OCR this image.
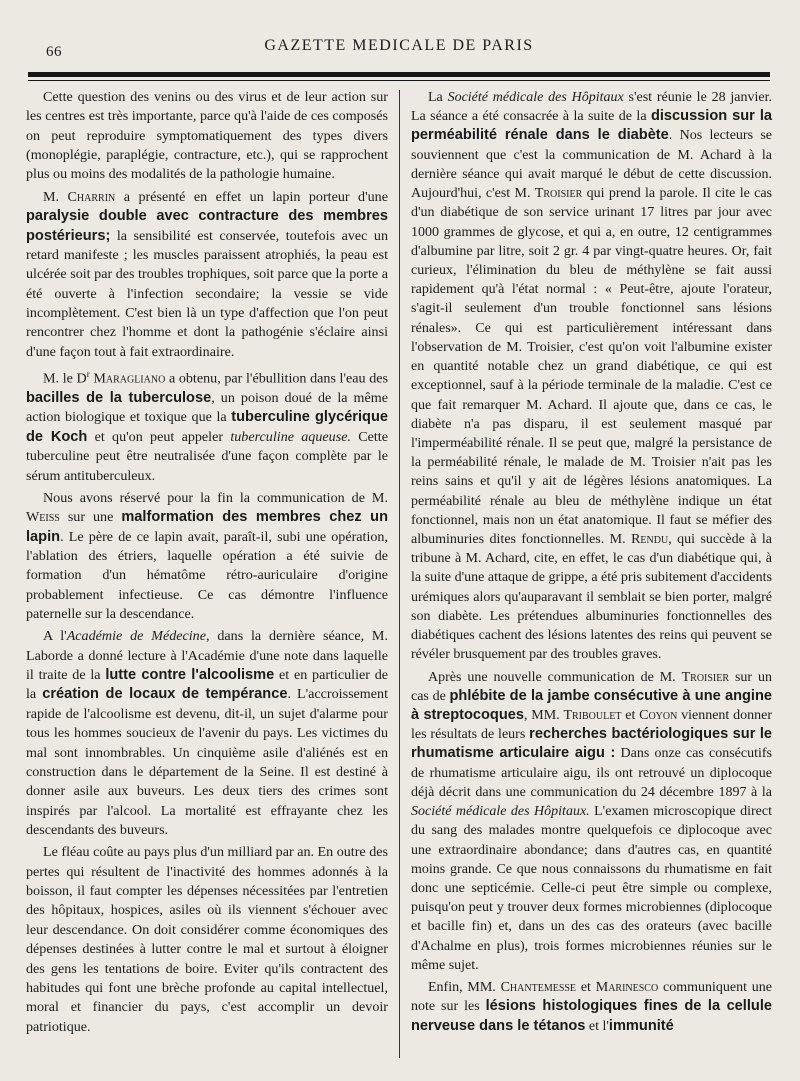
66	GAZETTE MEDICALE DE PARIS

Cette question des venins ou des virus et de leur action sur les centres est très importante, parce qu'à l'aide de ces composés on peut reproduire symptomatiquement des types divers (monoplégie, paraplégie, contracture, etc.), qui se rapprochent plus ou moins des modalités de la pathologie humaine.

M. Charrin a présenté en effet un lapin porteur d'une paralysie double avec contracture des membres postérieurs; la sensibilité est conservée, toutefois avec un retard manifeste ; les muscles paraissent atrophiés, la peau est ulcérée soit par des troubles trophiques, soit parce que la porte a été ouverte à l'infection secondaire; la vessie se vide incomplètement. C'est bien là un type d'affection que l'on peut rencontrer chez l'homme et dont la pathogénie s'éclaire ainsi d'une façon tout à fait extraordinaire.

M. le $D^r$ Maragliano a obtenu, par l'ébullition dans l'eau des bacilles de la tuberculose, un poison doué de la même action biologique et toxique que la tuberculine glycérique de Koch et qu'on peut appeler tuberculine aqueuse. Cette tuberculine peut être neutralisée d'une façon complète par le sérum antituberculeux.

Nous avons réservé pour la fin la communication de M. Weiss sur une malformation des membres chez un lapin. Le père de ce lapin avait, paraît-il, subi une opération, l'ablation des étriers, laquelle opération a été suivie de formation d'un hématôme rétro-auriculaire d'origine probablement infectieuse. Ce cas démontre l'influence paternelle sur la descendance.

A l'Académie de Médecine, dans la dernière séance, M. Laborde a donné lecture à l'Académie d'une note dans laquelle il traite de la lutte contre l'alcoolisme et en particulier de la création de locaux de tempérance. L'accroissement rapide de l'alcoolisme est devenu, dit-il, un sujet d'alarme pour tous les hommes soucieux de l'avenir du pays. Les victimes du mal sont innombrables. Un cinquième asile d'aliénés est en construction dans le département de la Seine. Il est destiné à donner asile aux buveurs. Les deux tiers des crimes sont inspirés par l'alcool. La mortalité est effrayante chez les descendants des buveurs.

Le fléau coûte au pays plus d'un milliard par an. En outre des pertes qui résultent de l'inactivité des hommes adonnés à la boisson, il faut compter les dépenses nécessitées par l'entretien des hôpitaux, hospices, asiles où ils viennent s'échouer avec leur descendance. On doit considérer comme économiques des dépenses destinées à lutter contre le mal et surtout à éloigner des gens les tentations de boire. Eviter qu'ils contractent des habitudes qui font une brèche profonde au capital intellectuel, moral et financier du pays, c'est accomplir un devoir patriotique.

La Société médicale des Hôpitaux s'est réunie le 28 janvier. La séance a été consacrée à la suite de la discussion sur la perméabilité rénale dans le diabète. Nos lecteurs se souviennent que c'est la communication de M. Achard à la dernière séance qui avait marqué le début de cette discussion. Aujourd'hui, c'est M. Troisier qui prend la parole. Il cite le cas d'un diabétique de son service urinant 17 litres par jour avec 1000 grammes de glycose, et qui a, en outre, 12 centigrammes d'albumine par litre, soit 2 gr. 4 par vingt-quatre heures. Or, fait curieux, l'élimination du bleu de méthylène se fait aussi rapidement qu'à l'état normal : « Peut-être, ajoute l'orateur, s'agit-il seulement d'un trouble fonctionnel sans lésions rénales». Ce qui est particulièrement intéressant dans l'observation de M. Troisier, c'est qu'on voit l'albumine exister en quantité notable chez un grand diabétique, ce qui est exceptionnel, sauf à la période terminale de la maladie. C'est ce que fait remarquer M. Achard. Il ajoute que, dans ce cas, le diabète n'a pas disparu, il est seulement masqué par l'imperméabilité rénale. Il se peut que, malgré la persistance de la perméabilité rénale, le malade de M. Troisier n'ait pas les reins sains et qu'il y ait de légères lésions anatomiques. La perméabilité rénale au bleu de méthylène indique un état fonctionnel, mais non un état anatomique. Il faut se méfier des albuminuries dites fonctionnelles. M. Rendu, qui succède à la tribune à M. Achard, cite, en effet, le cas d'un diabétique qui, à la suite d'une attaque de grippe, a été pris subitement d'accidents urémiques alors qu'auparavant il semblait se bien porter, malgré son diabète. Les prétendues albuminuries fonctionnelles des diabétiques cachent des lésions latentes des reins qui peuvent se révéler brusquement par des troubles graves.

Après une nouvelle communication de M. Troisier sur un cas de phlébite de la jambe consécutive à une angine à streptocoques, MM. Triboulet et Coyon viennent donner les résultats de leurs recherches bactériologiques sur le rhumatisme articulaire aigu : Dans onze cas consécutifs de rhumatisme articulaire aigu, ils ont retrouvé un diplocoque déjà décrit dans une communication du 24 décembre 1897 à la Société médicale des Hôpitaux. L'examen microscopique direct du sang des malades montre quelquefois ce diplocoque avec une extraordinaire abondance; dans d'autres cas, en quantité moins grande. Ce que nous connaissons du rhumatisme en fait donc une septicémie. Celle-ci peut être simple ou complexe, puisqu'on peut y trouver deux formes microbiennes (diplocoque et bacille fin) et, dans un des cas des orateurs (avec bacille d'Achalme en plus), trois formes microbiennes réunies sur le même sujet.

Enfin, MM. Chantemesse et Marinesco communiquent une note sur les lésions histologiques fines de la cellule nerveuse dans le tétanos et l'immunité
